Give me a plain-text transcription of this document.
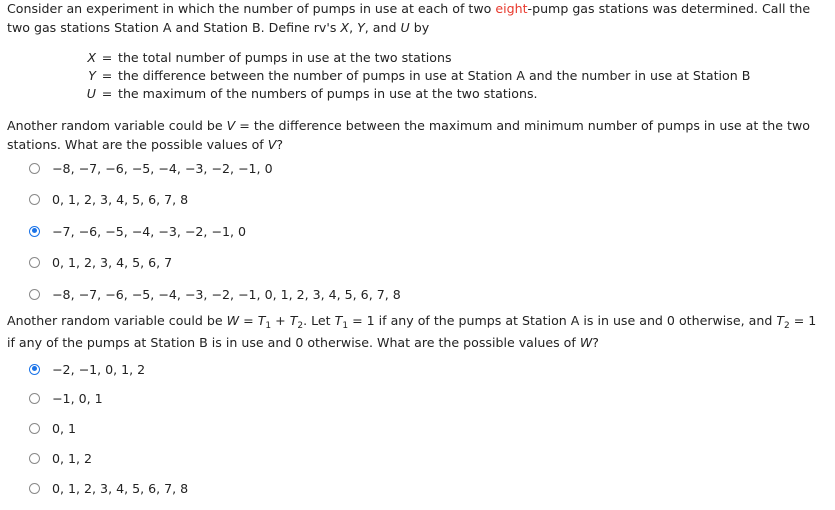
Consider an experiment in which the number of pumps in use at each of two eight-pump gas stations was determined. Call the two gas stations Station A and Station B. Define rv's X, Y, and U by

X = the total number of pumps in use at the two stations
Y = the difference between the number of pumps in use at Station A and the number in use at Station B
U = the maximum of the numbers of pumps in use at the two stations.

Another random variable could be V = the difference between the maximum and minimum number of pumps in use at the two stations. What are the possible values of V?

−8, −7, −6, −5, −4, −3, −2, −1, 0
0, 1, 2, 3, 4, 5, 6, 7, 8
−7, −6, −5, −4, −3, −2, −1, 0
0, 1, 2, 3, 4, 5, 6, 7
−8, −7, −6, −5, −4, −3, −2, −1, 0, 1, 2, 3, 4, 5, 6, 7, 8

Another random variable could be $W = T_1 + T_2$. Let $T_1 = 1$ if any of the pumps at Station A is in use and 0 otherwise, and $T_2 = 1$ if any of the pumps at Station B is in use and 0 otherwise. What are the possible values of W?

−2, −1, 0, 1, 2
−1, 0, 1
0, 1
0, 1, 2
0, 1, 2, 3, 4, 5, 6, 7, 8
